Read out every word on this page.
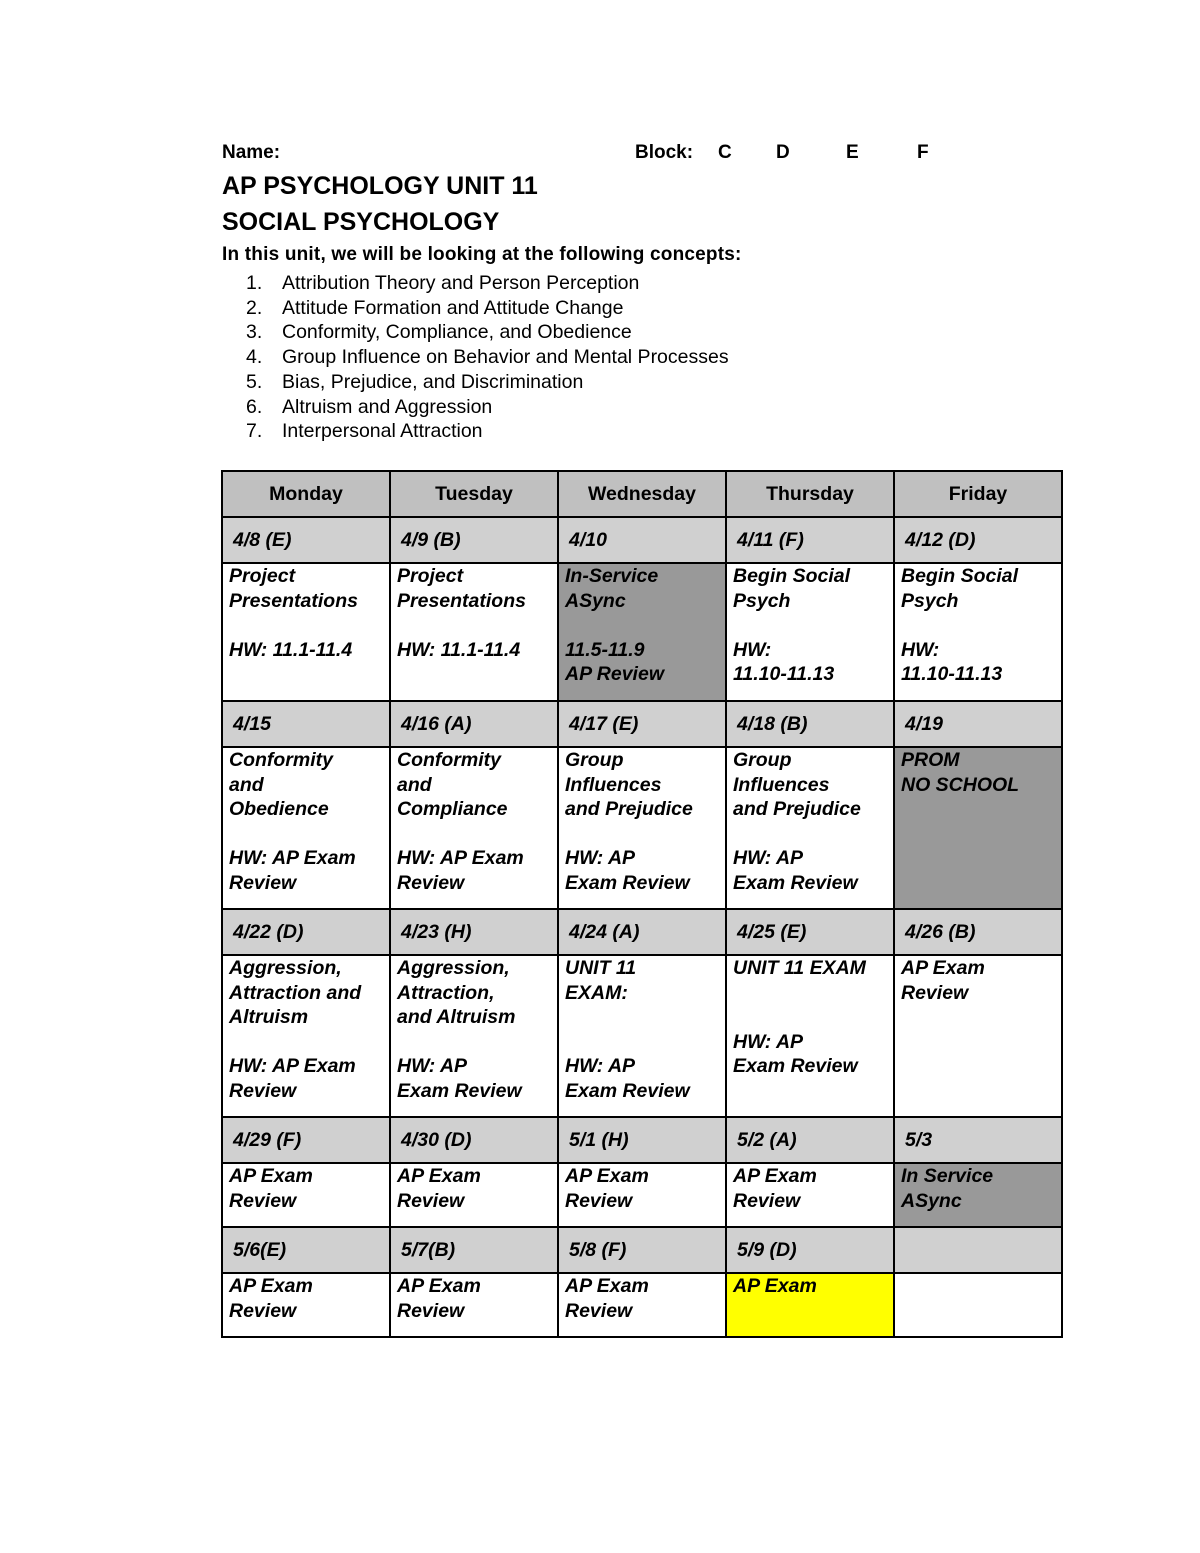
Name:	Block: C D	E	F
AP PSYCHOLOGY UNIT 11
SOCIAL PSYCHOLOGY
In this unit, we will be looking at the following concepts:
1. Attribution Theory and Person Perception
2. Attitude Formation and Attitude Change
3. Conformity, Compliance, and Obedience
4. Group Influence on Behavior and Mental Processes
5. Bias, Prejudice, and Discrimination
6. Altruism and Aggression
7. Interpersonal Attraction
Monday	Tuesday	Wednesday	Thursday	Friday
4/8 (E)	4/9 (B)	4/10	4/11 (F)	4/12 (D)

Project
Presentations
HW: 11.1-11.4	Project
Presentations
HW: 11.1-11.4	In-Service
ASync
11.5-11.9
AP Review	Begin Social
Psych
HW:
11.10-11.13	Begin Social
Psych
HW:
11.10-11.13

4/15	4/16 (A)	4/17 (E)	4/18 (B)	4/19

Conformity
and
Obedience
HW: AP Exam
Review	Conformity
and
Compliance
HW: AP Exam
Review	Group
Influences
and Prejudice
HW: AP
Exam Review	Group
Influences
and Prejudice
HW: AP
Exam Review	PROM
NO SCHOOL

4/22 (D)	4/23 (H)	4/24 (A)	4/25 (E)	4/26 (B)

Aggression,
Attraction and
Altruism
HW: AP Exam
Review	Aggression,
Attraction,
and Altruism
HW: AP
Exam Review	UNIT 11
EXAM:
HW: AP
Exam Review	UNIT 11 EXAM
HW: AP
Exam Review	AP Exam
Review

4/29 (F)	4/30 (D)	5/1 (H)	5/2 (A)	5/3

AP Exam
Review	AP Exam
Review	AP Exam
Review	AP Exam
Review	In Service
ASync

5/6(E)	5/7(B)	5/8 (F)	5/9 (D)	

AP Exam
Review	AP Exam
Review	AP Exam
Review	AP Exam	
